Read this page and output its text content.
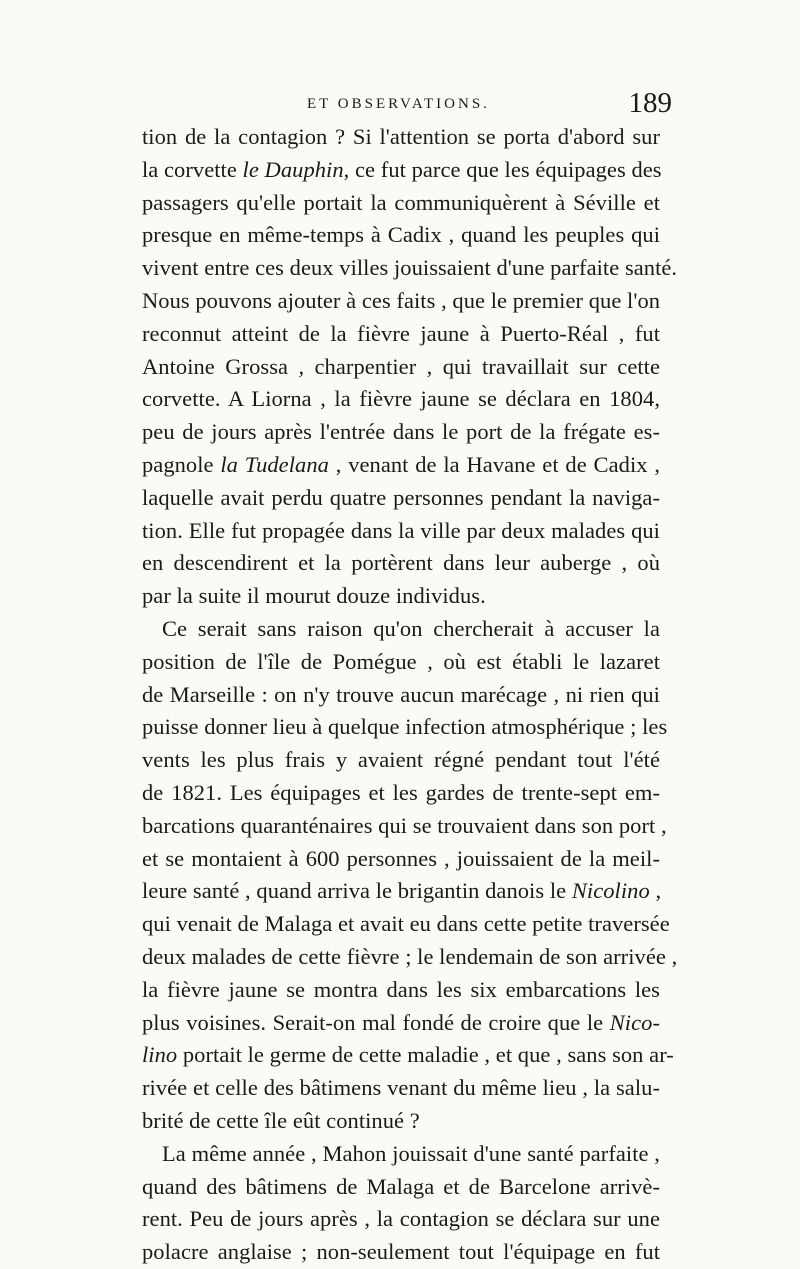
ET OBSERVATIONS.	189
tion de la contagion ? Si l'attention se porta d'abord sur
la corvette le Dauphin, ce fut parce que les équipages des
passagers qu'elle portait la communiquèrent à Séville et
presque en même-temps à Cadix , quand les peuples qui
vivent entre ces deux villes jouissaient d'une parfaite santé.
Nous pouvons ajouter à ces faits , que le premier que l'on
reconnut atteint de la fièvre jaune à Puerto-Réal , fut
Antoine Grossa , charpentier , qui travaillait sur cette
corvette. A Liorna , la fièvre jaune se déclara en 1804,
peu de jours après l'entrée dans le port de la frégate es-
pagnole la Tudelana , venant de la Havane et de Cadix ,
laquelle avait perdu quatre personnes pendant la naviga-
tion. Elle fut propagée dans la ville par deux malades qui
en descendirent et la portèrent dans leur auberge , où
par la suite il mourut douze individus.
Ce serait sans raison qu'on chercherait à accuser la
position de l'île de Pomégue , où est établi le lazaret
de Marseille : on n'y trouve aucun marécage , ni rien qui
puisse donner lieu à quelque infection atmosphérique ; les
vents les plus frais y avaient régné pendant tout l'été
de 1821. Les équipages et les gardes de trente-sept em-
barcations quaranténaires qui se trouvaient dans son port ,
et se montaient à 600 personnes , jouissaient de la meil-
leure santé , quand arriva le brigantin danois le Nicolino ,
qui venait de Malaga et avait eu dans cette petite traversée
deux malades de cette fièvre ; le lendemain de son arrivée ,
la fièvre jaune se montra dans les six embarcations les
plus voisines. Serait-on mal fondé de croire que le Nico-
lino portait le germe de cette maladie , et que , sans son ar-
rivée et celle des bâtimens venant du même lieu , la salu-
brité de cette île eût continué ?
La même année , Mahon jouissait d'une santé parfaite ,
quand des bâtimens de Malaga et de Barcelone arrivè-
rent. Peu de jours après , la contagion se déclara sur une
polacre anglaise ; non-seulement tout l'équipage en fut
